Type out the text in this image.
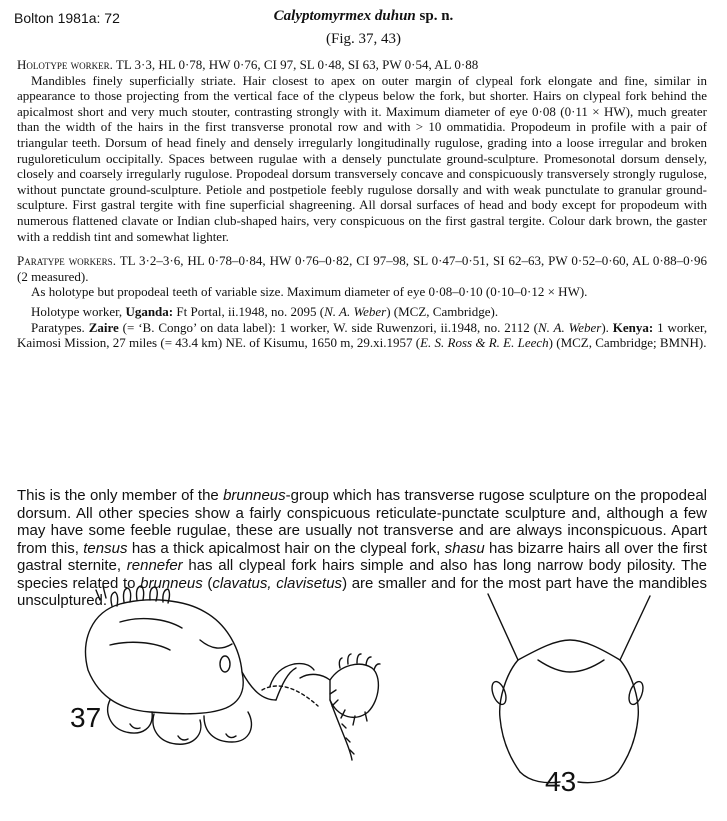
Bolton 1981a: 72	Calyptomyrmex duhun sp. n.
(Fig. 37, 43)

Holotype worker. TL 3·3, HL 0·78, HW 0·76, CI 97, SL 0·48, SI 63, PW 0·54, AL 0·88

Mandibles finely superficially striate. Hair closest to apex on outer margin of clypeal fork elongate and fine, similar in appearance to those projecting from the vertical face of the clypeus below the fork, but shorter. Hairs on clypeal fork behind the apicalmost short and very much stouter, contrasting strongly with it. Maximum diameter of eye 0·08 (0·11 × HW), much greater than the width of the hairs in the first transverse pronotal row and with > 10 ommatidia. Propodeum in profile with a pair of triangular teeth. Dorsum of head finely and densely irregularly longitudinally rugulose, grading into a loose irregular and broken ruguloreticulum occipitally. Spaces between rugulae with a densely punctulate ground-sculpture. Promesonotal dorsum densely, closely and coarsely irregularly rugulose. Propodeal dorsum transversely concave and conspicuously transversely strongly rugulose, without punctate ground-sculpture. Petiole and postpetiole feebly rugulose dorsally and with weak punctulate to granular ground-sculpture. First gastral tergite with fine superficial shagreening. All dorsal surfaces of head and body except for propodeum with numerous flattened clavate or Indian club-shaped hairs, very conspicuous on the first gastral tergite. Colour dark brown, the gaster with a reddish tint and somewhat lighter.

Paratype workers. TL 3·2–3·6, HL 0·78–0·84, HW 0·76–0·82, CI 97–98, SL 0·47–0·51, SI 62–63, PW 0·52–0·60, AL 0·88–0·96 (2 measured).

As holotype but propodeal teeth of variable size. Maximum diameter of eye 0·08–0·10 (0·10–0·12 × HW).

Holotype worker, Uganda: Ft Portal, ii.1948, no. 2095 (N. A. Weber) (MCZ, Cambridge).

Paratypes. Zaire (= ‘B. Congo’ on data label): 1 worker, W. side Ruwenzori, ii.1948, no. 2112 (N. A. Weber). Kenya: 1 worker, Kaimosi Mission, 27 miles (= 43.4 km) NE. of Kisumu, 1650 m, 29.xi.1957 (E. S. Ross & R. E. Leech) (MCZ, Cambridge; BMNH).

This is the only member of the brunneus-group which has transverse rugose sculpture on the propodeal dorsum. All other species show a fairly conspicuous reticulate-punctate sculpture and, although a few may have some feeble rugulae, these are usually not transverse and are always inconspicuous. Apart from this, tensus has a thick apicalmost hair on the clypeal fork, shasu has bizarre hairs all over the first gastral sternite, rennefer has all clypeal fork hairs simple and also has long narrow body pilosity. The species related to brunneus (clavatus, clavisetus) are smaller and for the most part have the mandibles unsculptured.
37
43
